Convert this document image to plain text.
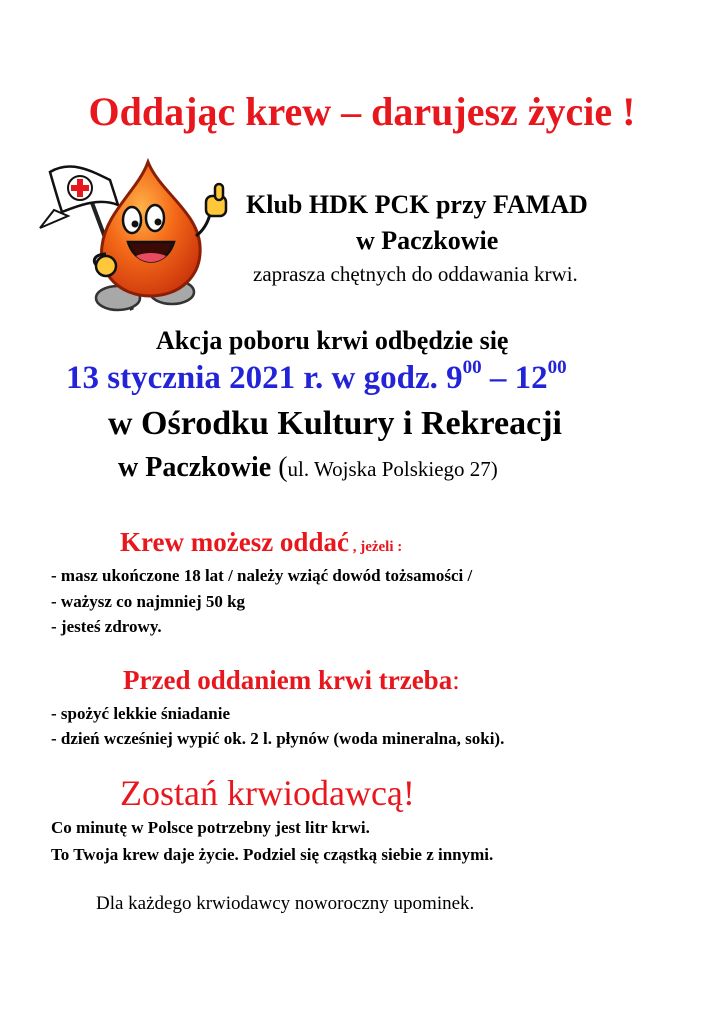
Oddając krew – darujesz życie !
Klub HDK PCK przy FAMAD
w Paczkowie
zaprasza chętnych do oddawania krwi.
Akcja poboru krwi odbędzie się
13 stycznia 2021 r. w godz. $9^{00} - 12^{00}$
w Ośrodku Kultury i Rekreacji
w Paczkowie (ul. Wojska Polskiego 27)
Krew możesz oddać , jeżeli :
- masz ukończone 18 lat / należy wziąć dowód tożsamości /
- ważysz co najmniej 50 kg
- jesteś zdrowy.
Przed oddaniem krwi trzeba:
- spożyć lekkie śniadanie
- dzień wcześniej wypić ok. 2 l. płynów (woda mineralna, soki).
Zostań krwiodawcą!
Co minutę w Polsce potrzebny jest litr krwi.
To Twoja krew daje życie. Podziel się cząstką siebie z innymi.
Dla każdego krwiodawcy noworoczny upominek.
